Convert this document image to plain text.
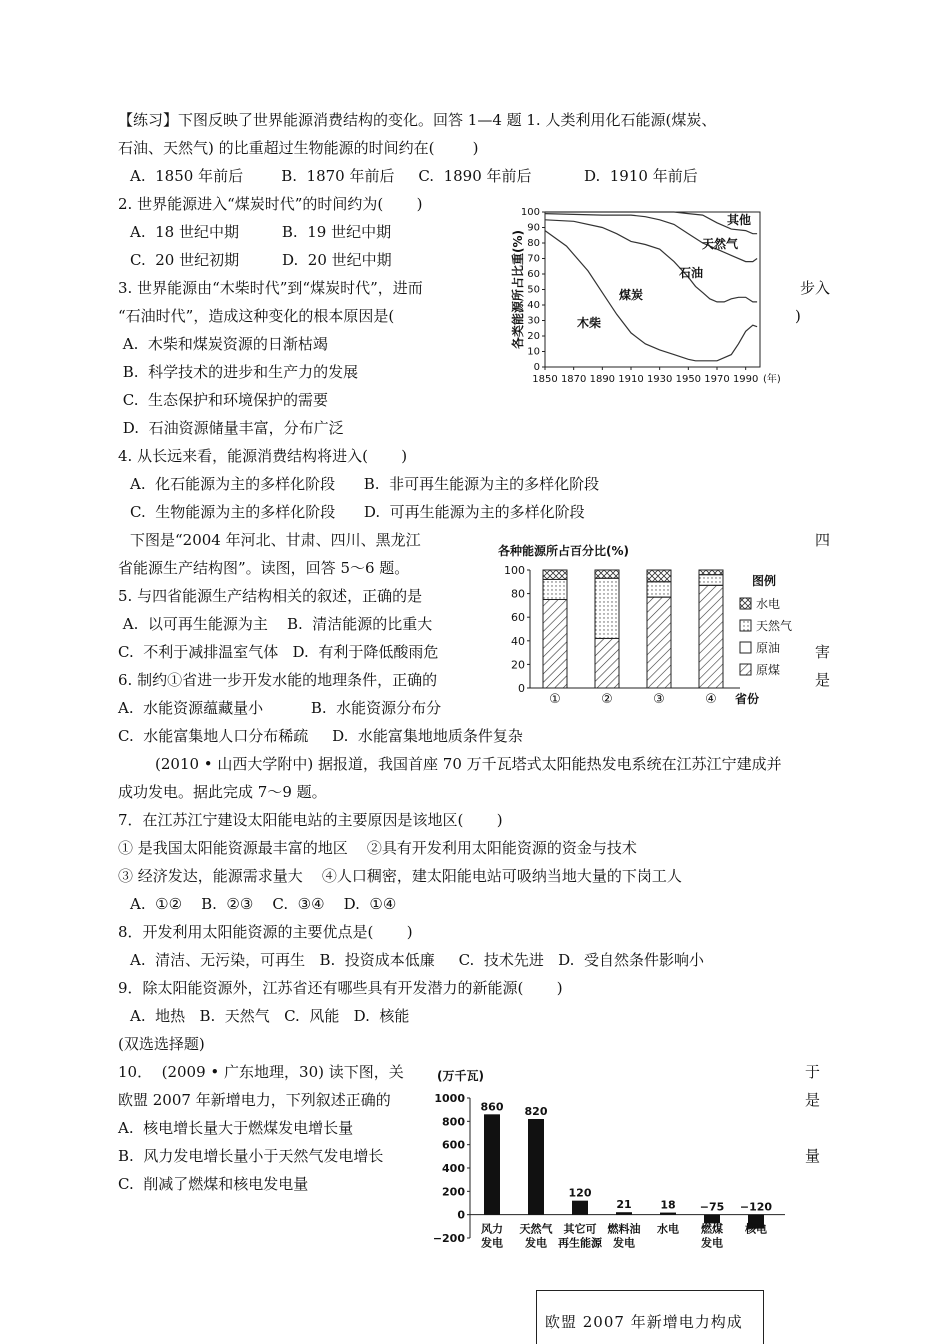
【练习】下图反映了世界能源消费结构的变化。回答 1—4 题 1. 人类利用化石能源(煤炭、
石油、天然气) 的比重超过生物能源的时间约在(        )
A.  1850 年前后        B.  1870 年前后     C.  1890 年前后           D.  1910 年前后
2. 世界能源进入“煤炭时代”的时间约为(       )
A.  18 世纪中期         B.  19 世纪中期
C.  20 世纪初期         D.  20 世纪中期
3. 世界能源由“木柴时代”到“煤炭时代”，进而	步入
“石油时代”，造成这种变化的根本原因是(	)
A.  木柴和煤炭资源的日渐枯竭
B.  科学技术的进步和生产力的发展
C.  生态保护和环境保护的需要
D.  石油资源储量丰富，分布广泛
4. 从长远来看，能源消费结构将进入(       )
A.  化石能源为主的多样化阶段      B.  非可再生能源为主的多样化阶段
C.  生物能源为主的多样化阶段      D.  可再生能源为主的多样化阶段
下图是“2004 年河北、甘肃、四川、黑龙江	四
省能源生产结构图”。读图，回答 5～6 题。
5. 与四省能源生产结构相关的叙述，正确的是
A.  以可再生能源为主    B.  清洁能源的比重大
C.  不利于减排温室气体   D.  有利于降低酸雨危	害
6. 制约①省进一步开发水能的地理条件，正确的	是
A.  水能资源蕴藏量小          B.  水能资源分布分
C.  水能富集地人口分布稀疏     D.  水能富集地地质条件复杂
(2010 • 山西大学附中) 据报道，我国首座 70 万千瓦塔式太阳能热发电系统在江苏江宁建成并
成功发电。据此完成 7～9 题。
7．在江苏江宁建设太阳能电站的主要原因是该地区(       )
① 是我国太阳能资源最丰富的地区    ②具有开发利用太阳能资源的资金与技术
③ 经济发达，能源需求量大    ④人口稠密，建太阳能电站可吸纳当地大量的下岗工人
A.  ①②    B.  ②③    C.  ③④    D.  ①④
8．开发利用太阳能资源的主要优点是(       )
A.  清洁、无污染，可再生   B.  投资成本低廉     C.  技术先进   D.  受自然条件影响小
9．除太阳能资源外，江苏省还有哪些具有开发潜力的新能源(       )
A.  地热   B.  天然气   C.  风能   D.  核能
(双选选择题)
10．  (2009 • 广东地理，30) 读下图，关	于
欧盟 2007 年新增电力，下列叙述正确的	是
A.  核电增长量大于燃煤发电增长量
B.  风力发电增长量小于天然气发电增长	量
C.  削减了燃煤和核电发电量
0
10
20
30
40
50
60
70
80
90
100
1850 1870 1890 1910 1930 1950 1970 1990 (年)
各类能源所占比重(%)	木柴
煤炭
石油
天然气
其他
各种能源所占百分比(%)
0
20
40
60
80
100
①	②	③	④ 省份
图例
水电
天然气
原油
原煤
(万千瓦)
−200
0
200
400
600
800
1000
860
风力
发电
820
天然气
发电
120
其它可
再生能源
21
燃料油
发电
18
水电
−75
燃煤
发电
−120
核电
欧盟 2007 年新增电力构成
